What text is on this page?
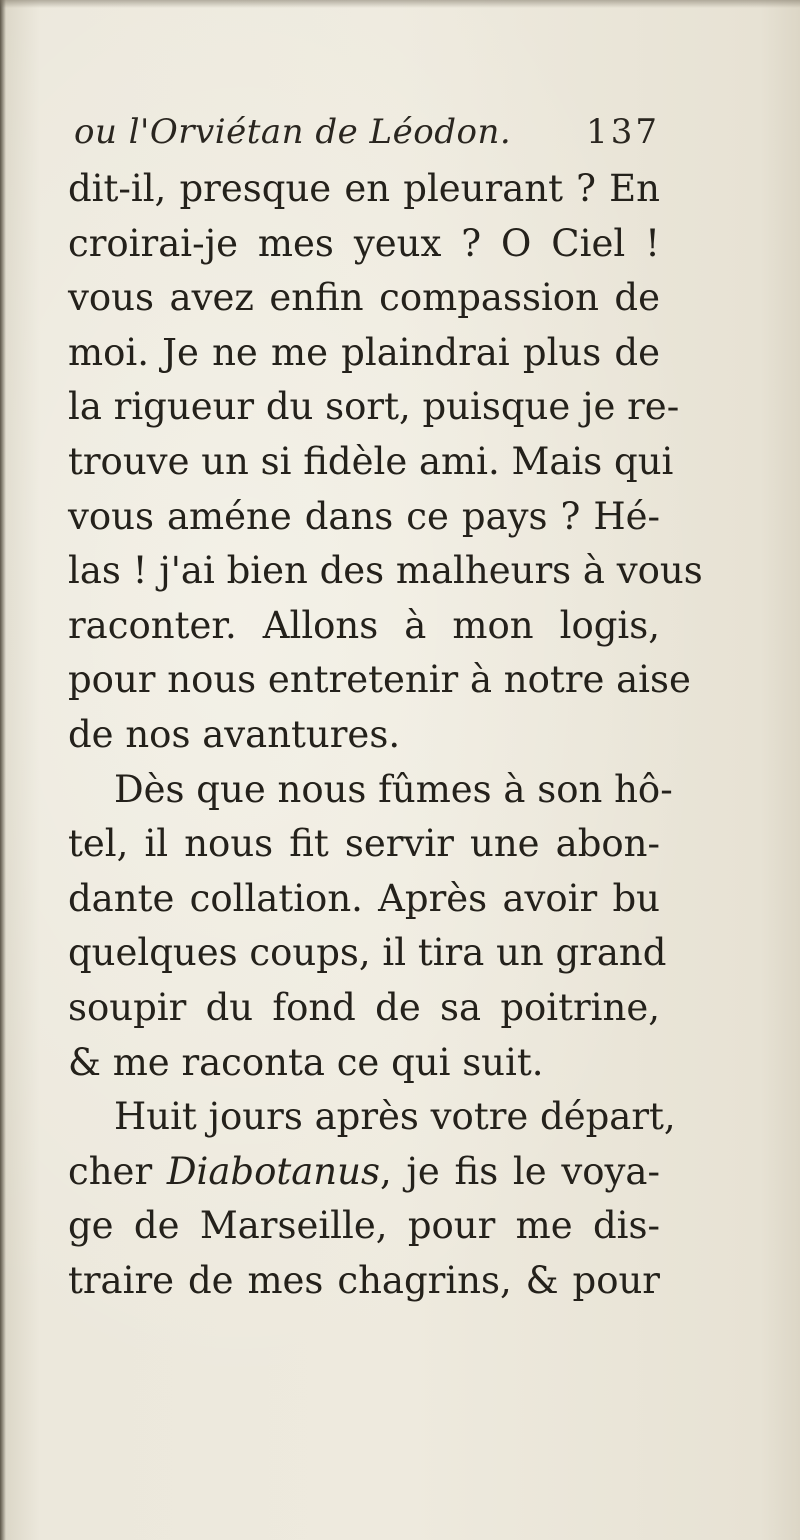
ou l'Orviétan de Léodon. 137
dit-il, presque en pleurant ? En
croirai-je mes yeux ? O Ciel !
vous avez enfin compassion de
moi. Je ne me plaindrai plus de
la rigueur du sort, puisque je re-
trouve un si fidèle ami. Mais qui
vous améne dans ce pays ? Hé-
las ! j'ai bien des malheurs à vous
raconter. Allons à mon logis,
pour nous entretenir à notre aise
de nos avantures.
Dès que nous fûmes à son hô-
tel, il nous fit servir une abon-
dante collation. Après avoir bu
quelques coups, il tira un grand
soupir du fond de sa poitrine,
& me raconta ce qui suit.
Huit jours après votre départ,
cher Diabotanus, je fis le voya-
ge de Marseille, pour me dis-
traire de mes chagrins, & pour
